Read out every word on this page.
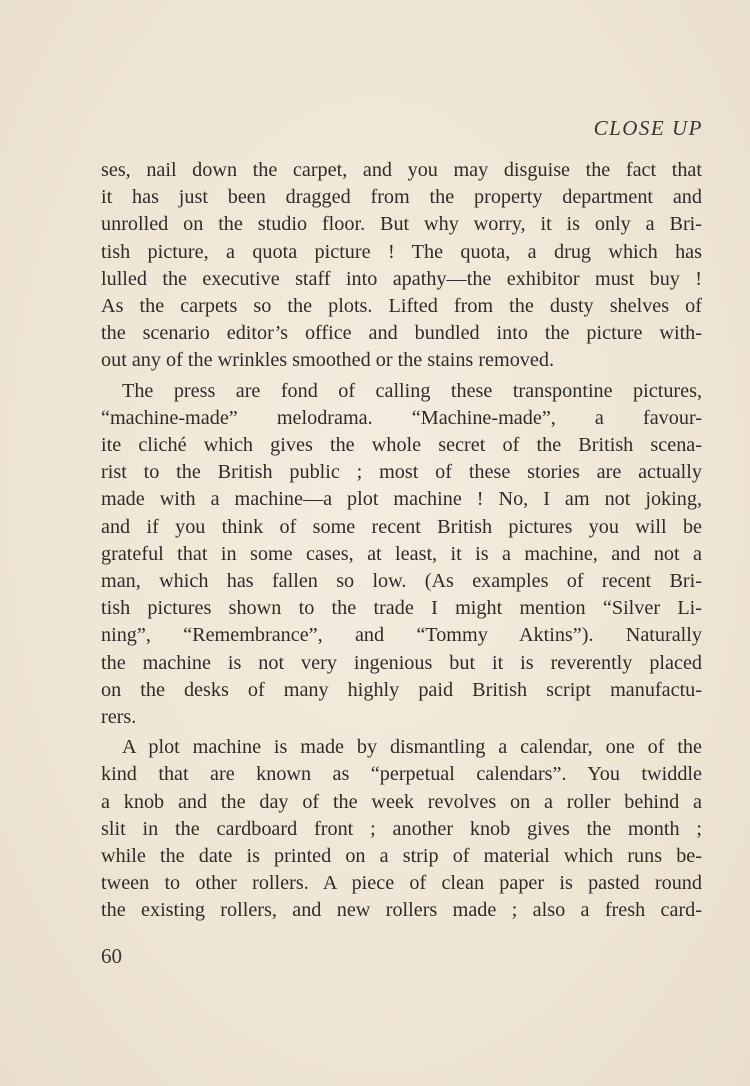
CLOSE UP
ses, nail down the carpet, and you may disguise the fact that
it has just been dragged from the property department and
unrolled on the studio floor. But why worry, it is only a Bri-
tish picture, a quota picture ! The quota, a drug which has
lulled the executive staff into apathy—the exhibitor must buy !
As the carpets so the plots. Lifted from the dusty shelves of
the scenario editor’s office and bundled into the picture with-
out any of the wrinkles smoothed or the stains removed.
The press are fond of calling these transpontine pictures,
“machine-made” melodrama. “Machine-made”, a favour-
ite cliché which gives the whole secret of the British scena-
rist to the British public ; most of these stories are actually
made with a machine—a plot machine ! No, I am not joking,
and if you think of some recent British pictures you will be
grateful that in some cases, at least, it is a machine, and not a
man, which has fallen so low. (As examples of recent Bri-
tish pictures shown to the trade I might mention “Silver Li-
ning”, “Remembrance”, and “Tommy Aktins”). Naturally
the machine is not very ingenious but it is reverently placed
on the desks of many highly paid British script manufactu-
rers.
A plot machine is made by dismantling a calendar, one of the
kind that are known as “perpetual calendars”. You twiddle
a knob and the day of the week revolves on a roller behind a
slit in the cardboard front ; another knob gives the month ;
while the date is printed on a strip of material which runs be-
tween to other rollers. A piece of clean paper is pasted round
the existing rollers, and new rollers made ; also a fresh card-
60
